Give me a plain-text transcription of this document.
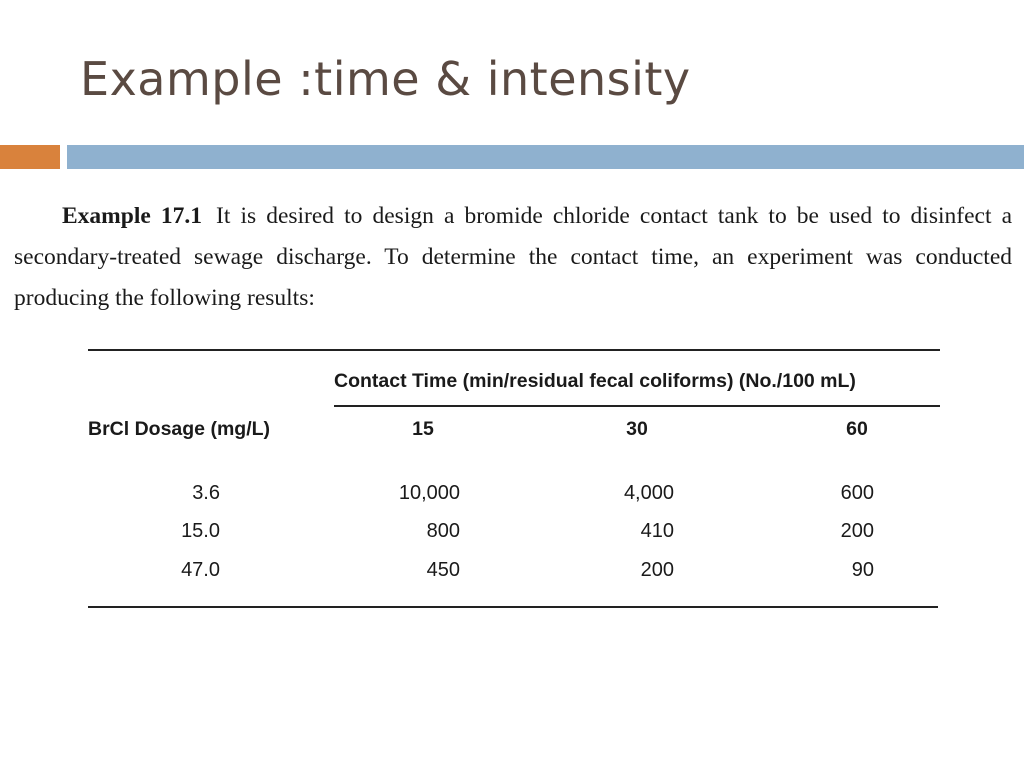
Example :time & intensity
Example 17.1 It is desired to design a bromide chloride contact tank to be used to disinfect a secondary-treated sewage discharge. To determine the contact time, an experiment was conducted producing the following results:
Contact Time (min/residual fecal coliforms) (No./100 mL)
BrCl Dosage (mg/L)	15	30	60
3.6	10,000	4,000	600
15.0	800	410	200
47.0	450	200	90
